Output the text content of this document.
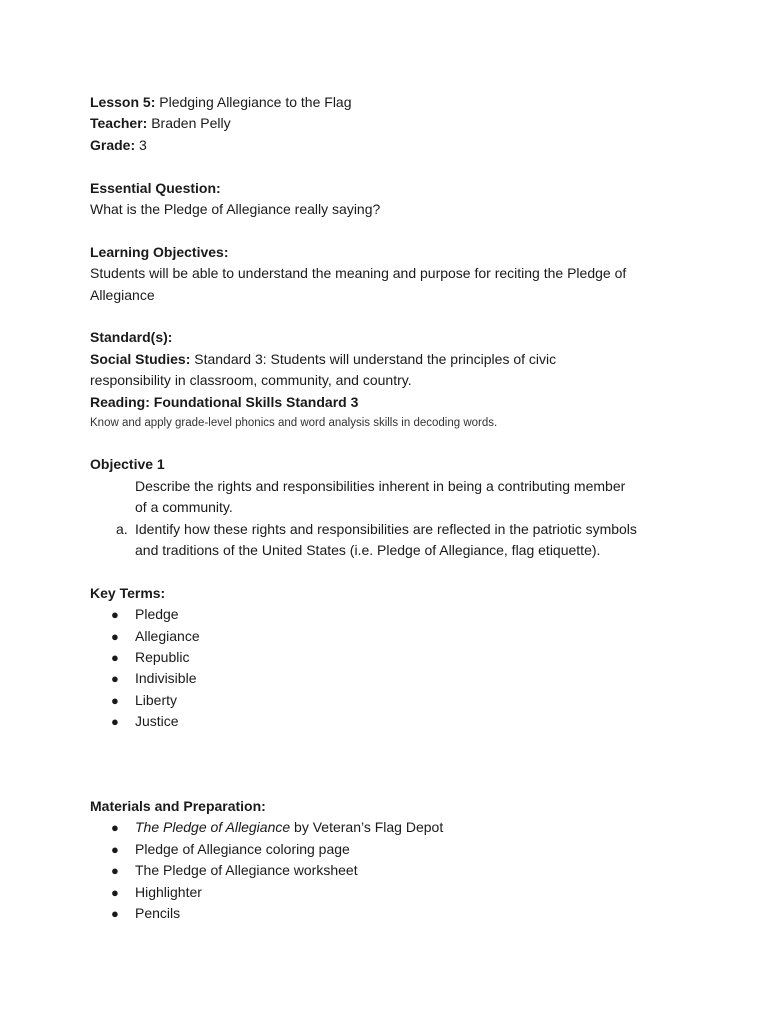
Lesson 5: Pledging Allegiance to the Flag
Teacher: Braden Pelly
Grade: 3
Essential Question:
What is the Pledge of Allegiance really saying?
Learning Objectives:
Students will be able to understand the meaning and purpose for reciting the Pledge of
Allegiance
Standard(s):
Social Studies: Standard 3: Students will understand the principles of civic
responsibility in classroom, community, and country.
Reading: Foundational Skills Standard 3
Know and apply grade-level phonics and word analysis skills in decoding words.
Objective 1
Describe the rights and responsibilities inherent in being a contributing member
of a community.
a. Identify how these rights and responsibilities are reflected in the patriotic symbols
and traditions of the United States (i.e. Pledge of Allegiance, flag etiquette).
Key Terms:
● Pledge
● Allegiance
● Republic
● Indivisible
● Liberty
● Justice
Materials and Preparation:
● The Pledge of Allegiance by Veteran’s Flag Depot
● Pledge of Allegiance coloring page
● The Pledge of Allegiance worksheet
● Highlighter
● Pencils
